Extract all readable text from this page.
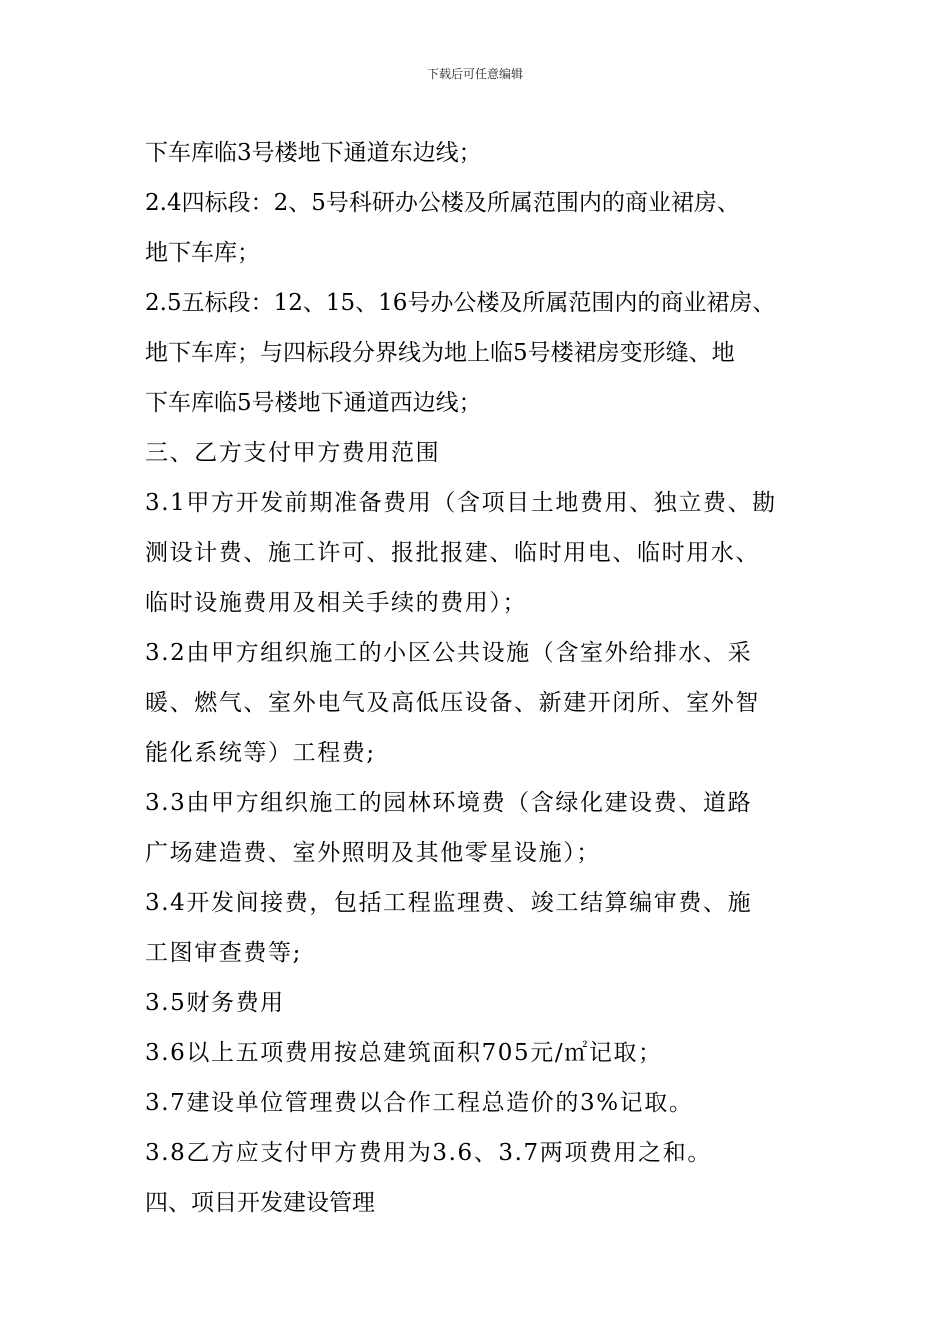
下载后可任意编辑
下车库临3号楼地下通道东边线；
2.4四标段：2、5号科研办公楼及所属范围内的商业裙房、
地下车库；
2.5五标段：12、15、16号办公楼及所属范围内的商业裙房、
地下车库；与四标段分界线为地上临5号楼裙房变形缝、地
下车库临5号楼地下通道西边线；
三、乙方支付甲方费用范围
3.1甲方开发前期准备费用（含项目土地费用、独立费、勘
测设计费、施工许可、报批报建、临时用电、临时用水、
临时设施费用及相关手续的费用）；
3.2由甲方组织施工的小区公共设施（含室外给排水、采
暖、燃气、室外电气及高低压设备、新建开闭所、室外智
能化系统等）工程费;
3.3由甲方组织施工的园林环境费（含绿化建设费、道路
广场建造费、室外照明及其他零星设施）；
3.4开发间接费，包括工程监理费、竣工结算编审费、施
工图审查费等;
3.5财务费用
3.6以上五项费用按总建筑面积705元/㎡记取；
3.7建设单位管理费以合作工程总造价的3%记取。
3.8乙方应支付甲方费用为3.6、3.7两项费用之和。
四、项目开发建设管理
